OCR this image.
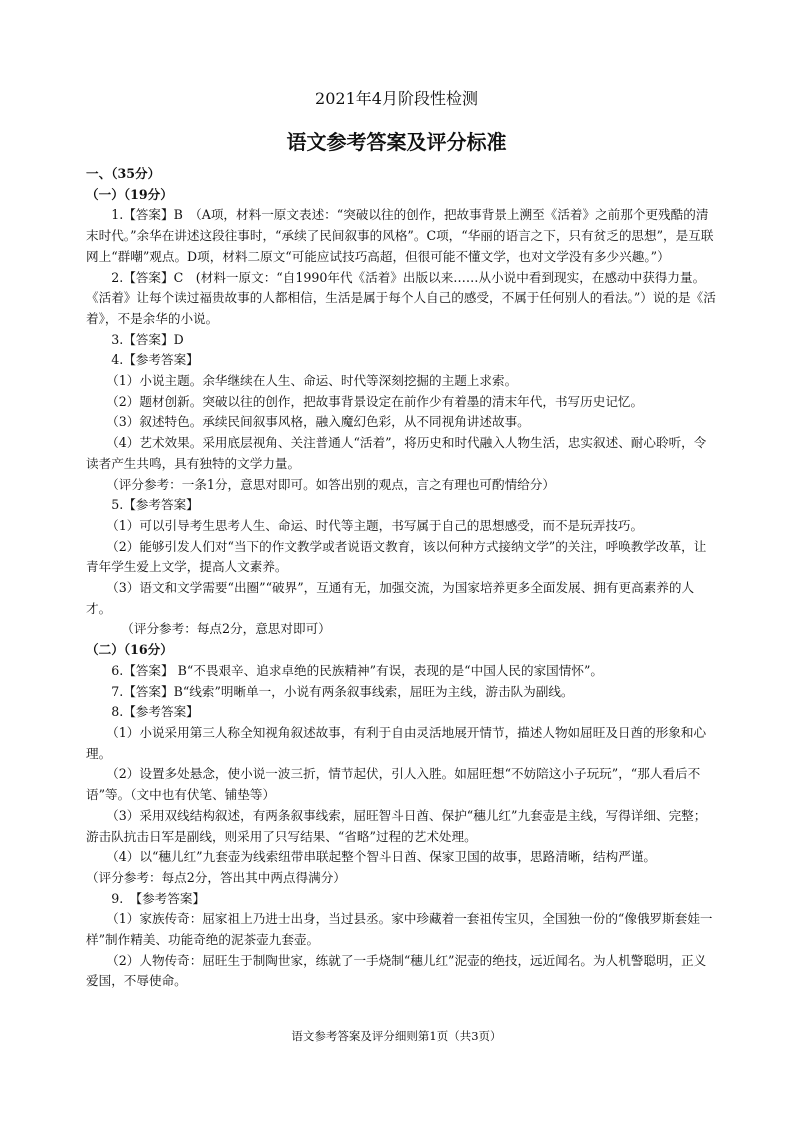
2021年4月阶段性检测
语文参考答案及评分标准

一、（35分）

（一）（19分）

1.【答案】B　（A项，材料一原文表述：“突破以往的创作，把故事背景上溯至《活着》之前那个更残酷的清末时代。”余华在讲述这段往事时，“承续了民间叙事的风格”。C项，“华丽的语言之下，只有贫乏的思想”，是互联网上“群嘲”观点。D项，材料二原文“可能应试技巧高超，但很可能不懂文学，也对文学没有多少兴趣。”）

2.【答案】C　(材料一原文：“自1990年代《活着》出版以来……从小说中看到现实，在感动中获得力量。《活着》让每个读过福贵故事的人都相信，生活是属于每个人自己的感受，不属于任何别人的看法。”）说的是《活着》，不是余华的小说。

3.【答案】D

4.【参考答案】

（1）小说主题。余华继续在人生、命运、时代等深刻挖掘的主题上求索。

（2）题材创新。突破以往的创作，把故事背景设定在前作少有着墨的清末年代，书写历史记忆。

（3）叙述特色。承续民间叙事风格，融入魔幻色彩，从不同视角讲述故事。

（4）艺术效果。采用底层视角、关注普通人“活着”，将历史和时代融入人物生活，忠实叙述、耐心聆听，令读者产生共鸣，具有独特的文学力量。

（评分参考：一条1分，意思对即可。如答出别的观点，言之有理也可酌情给分）

5.【参考答案】

（1）可以引导考生思考人生、命运、时代等主题，书写属于自己的思想感受，而不是玩弄技巧。

（2）能够引发人们对“当下的作文教学或者说语文教育，该以何种方式接纳文学”的关注，呼唤教学改革，让青年学生爱上文学，提高人文素养。

（3）语文和文学需要“出圈”“破界”，互通有无，加强交流，为国家培养更多全面发展、拥有更高素养的人才。

（评分参考：每点2分，意思对即可）

（二）（16分）

6.【答案】 B“不畏艰辛、追求卓绝的民族精神”有误，表现的是“中国人民的家国情怀”。

7.【答案】B“线索”明晰单一，小说有两条叙事线索，屈旺为主线，游击队为副线。

8.【参考答案】

（1）小说采用第三人称全知视角叙述故事，有利于自由灵活地展开情节，描述人物如屈旺及日酋的形象和心理。

（2）设置多处悬念，使小说一波三折，情节起伏，引人入胜。如屈旺想“不妨陪这小子玩玩”，“那人看后不语”等。（文中也有伏笔、铺垫等）

（3）采用双线结构叙述，有两条叙事线索，屈旺智斗日酋、保护“穗儿红”九套壶是主线，写得详细、完整；游击队抗击日军是副线，则采用了只写结果、“省略”过程的艺术处理。

（4）以“穗儿红”九套壶为线索纽带串联起整个智斗日酋、保家卫国的故事，思路清晰，结构严谨。

（评分参考：每点2分，答出其中两点得满分）

9.　【参考答案】

（1）家族传奇：屈家祖上乃进士出身，当过县丞。家中珍藏着一套祖传宝贝，全国独一份的“像俄罗斯套娃一样”制作精美、功能奇绝的泥茶壶九套壶。

（2）人物传奇：屈旺生于制陶世家，练就了一手烧制“穗儿红”泥壶的绝技，远近闻名。为人机警聪明，正义爱国，不辱使命。

语文参考答案及评分细则第1页（共3页）
